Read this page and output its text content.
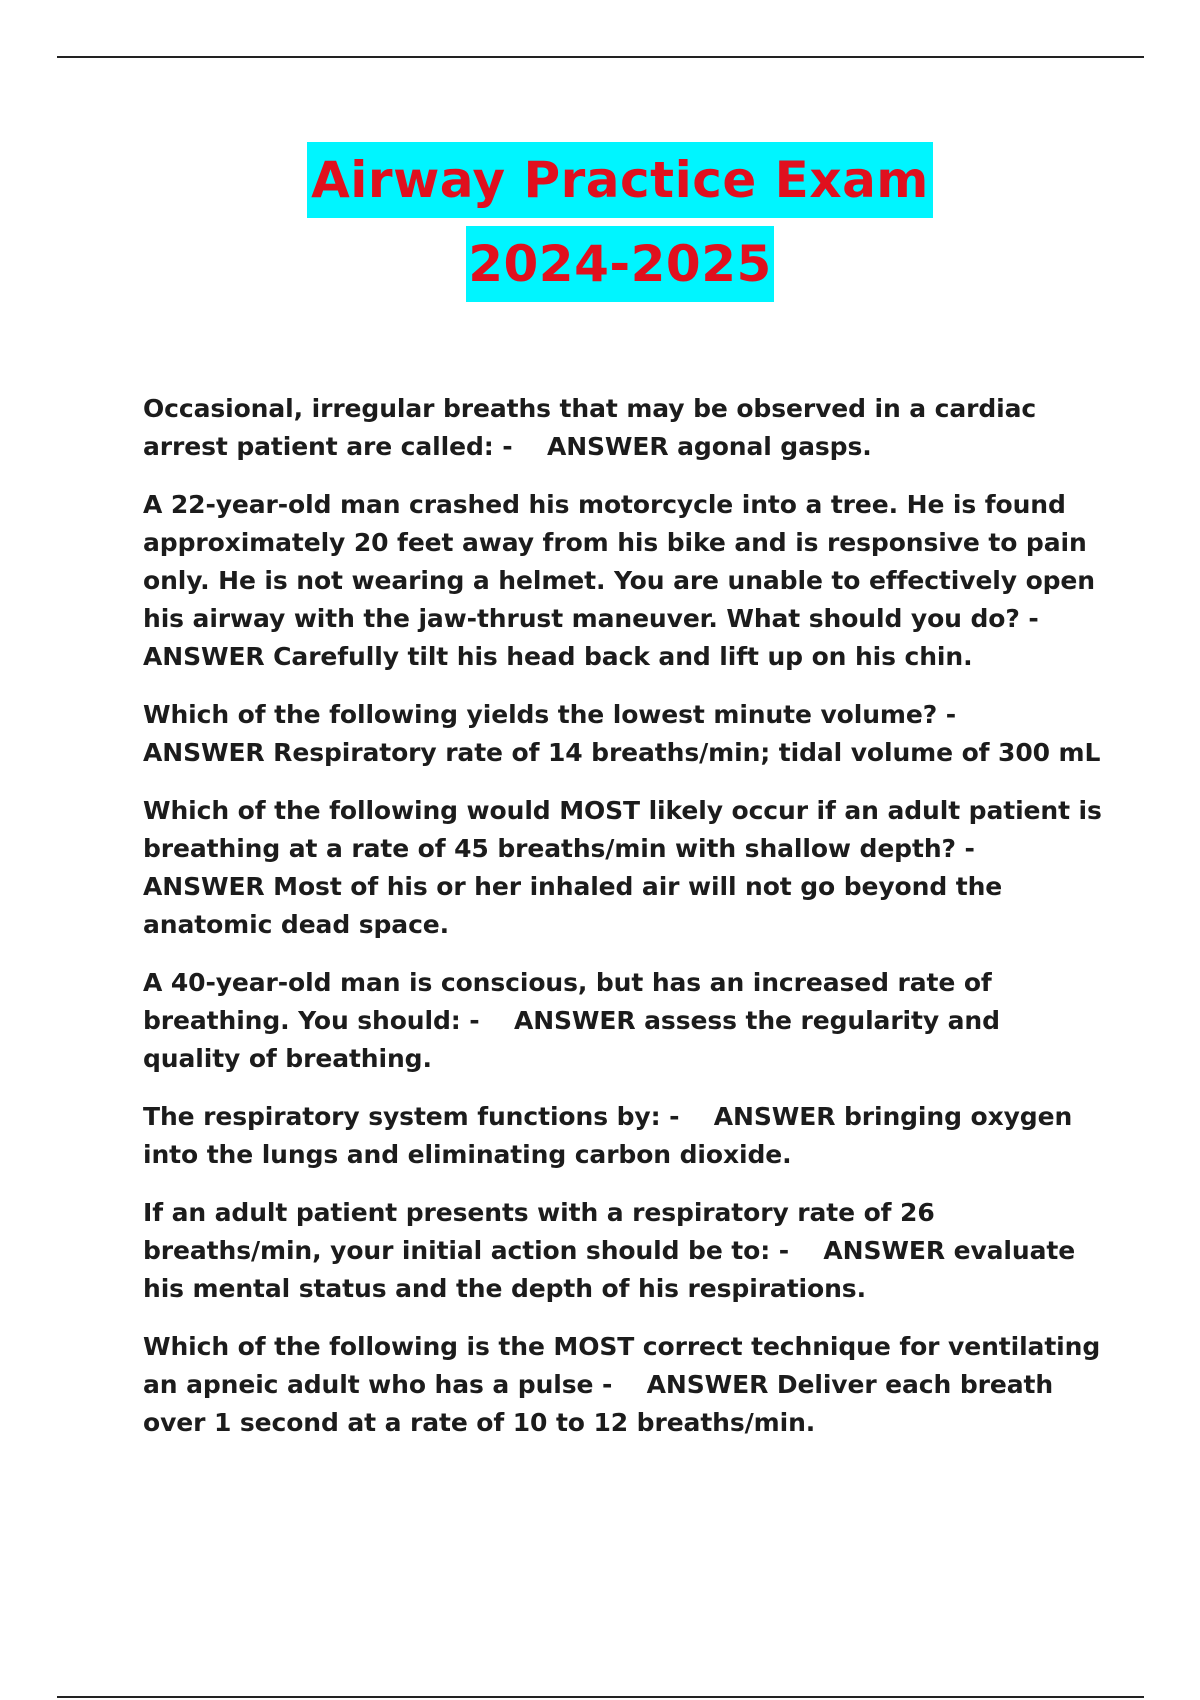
Airway Practice Exam
2024-2025

Occasional, irregular breaths that may be observed in a cardiac arrest patient are called: -    ANSWER agonal gasps.

A 22-year-old man crashed his motorcycle into a tree. He is found approximately 20 feet away from his bike and is responsive to pain only. He is not wearing a helmet. You are unable to effectively open his airway with the jaw-thrust maneuver. What should you do? - ANSWER Carefully tilt his head back and lift up on his chin.

Which of the following yields the lowest minute volume? -    ANSWER Respiratory rate of 14 breaths/min; tidal volume of 300 mL

Which of the following would MOST likely occur if an adult patient is breathing at a rate of 45 breaths/min with shallow depth? -    ANSWER Most of his or her inhaled air will not go beyond the anatomic dead space.

A 40-year-old man is conscious, but has an increased rate of breathing. You should: -    ANSWER assess the regularity and quality of breathing.

The respiratory system functions by: -    ANSWER bringing oxygen into the lungs and eliminating carbon dioxide.

If an adult patient presents with a respiratory rate of 26 breaths/min, your initial action should be to: -    ANSWER evaluate his mental status and the depth of his respirations.

Which of the following is the MOST correct technique for ventilating an apneic adult who has a pulse -    ANSWER Deliver each breath over 1 second at a rate of 10 to 12 breaths/min.
